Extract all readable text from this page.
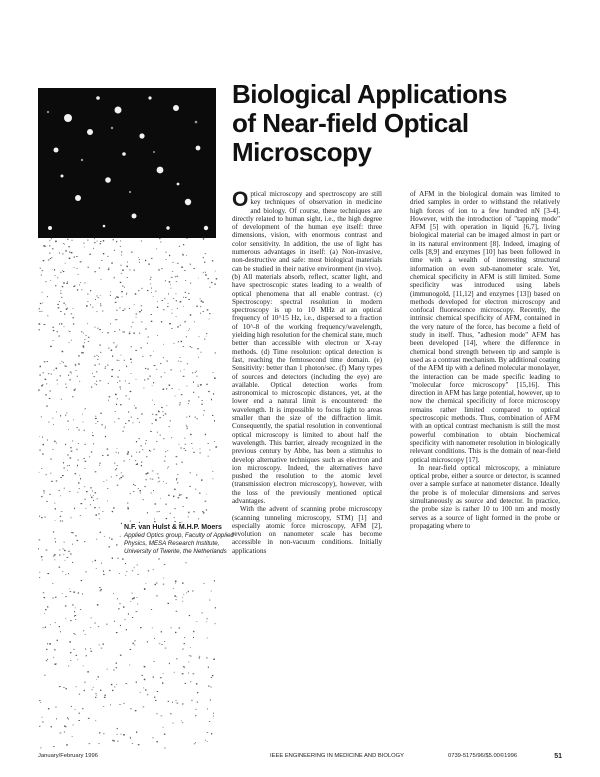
N.F. van Hulst & M.H.P. Moers
Applied Optics group, Faculty of Applied Physics, MESA Research Institute, University of Twente, the Netherlands
Biological Applications
of Near-field Optical
Microscopy

Optical microscopy and spectroscopy are still key techniques of observation in medicine and biology. Of course, these techniques are directly related to human sight, i.e., the high degree of development of the human eye itself: three dimensions, vision, with enormous contrast and color sensitivity. In addition, the use of light has numerous advantages in itself: (a) Non-invasive, non-destructive and safe: most biological materials can be studied in their native environment (in vivo). (b) All materials absorb, reflect, scatter light, and have spectroscopic states leading to a wealth of optical phenomena that all enable contrast. (c) Spectroscopy: spectral resolution in modern spectroscopy is up to 10 MHz at an optical frequency of 10^15 Hz, i.e., dispersed to a fraction of 10^-8 of the working frequency/wavelength, yielding high resolution for the chemical state, much better than accessible with electron or X-ray methods. (d) Time resolution: optical detection is fast, reaching the femtosecond time domain. (e) Sensitivity: better than 1 photon/sec. (f) Many types of sources and detectors (including the eye) are available. Optical detection works from astronomical to microscopic distances, yet, at the lower end a natural limit is encountered: the wavelength. It is impossible to focus light to areas smaller than the size of the diffraction limit. Consequently, the spatial resolution in conventional optical microscopy is limited to about half the wavelength. This barrier, already recognized in the previous century by Abbe, has been a stimulus to develop alternative techniques such as electron and ion microscopy. Indeed, the alternatives have pushed the resolution to the atomic level (transmission electron microscopy), however, with the loss of the previously mentioned optical advantages.

With the advent of scanning probe microscopy (scanning tunneling microscopy, STM) [1] and especially atomic force microscopy, AFM [2], revolution on nanometer scale has become accessible in non-vacuum conditions. Initially applications

of AFM in the biological domain was limited to dried samples in order to withstand the relatively high forces of ion to a few hundred nN [3-4]. However, with the introduction of "tapping mode" AFM [5] with operation in liquid [6,7], living biological material can be imaged almost in part or in its natural environment [8]. Indeed, imaging of cells [8,9] and enzymes [10] has been followed in time with a wealth of interesting structural information on even sub-nanometer scale. Yet, chemical specificity in AFM is still limited. Some specificity was introduced using labels (immunogold, [11,12] and enzymes [13]) based on methods developed for electron microscopy and confocal fluorescence microscopy. Recently, the intrinsic chemical specificity of AFM, contained in the very nature of the force, has become a field of study in itself. Thus, "adhesion mode" AFM has been developed [14], where the difference in chemical bond strength between tip and sample is used as a contrast mechanism. By additional coating of the AFM tip with a defined molecular monolayer, the interaction can be made specific leading to "molecular force microscopy" [15,16]. This direction in AFM has large potential, however, up to now the chemical specificity of force microscopy remains rather limited compared to optical spectroscopic methods. Thus, combination of AFM with an optical contrast mechanism is still the most powerful combination to obtain biochemical specificity with nanometer resolution in biologically relevant conditions. This is the domain of near-field optical microscopy [17].

In near-field optical microscopy, a miniature optical probe, either a source or detector, is scanned over a sample surface at nanometer distance. Ideally the probe is of molecular dimensions and serves simultaneously as source and detector. In practice, the probe size is rather 10 to 100 nm and mostly serves as a source of light formed in the probe or propagating where to

January/February 1996	IEEE ENGINEERING IN MEDICINE AND BIOLOGY	0739-5175/96/$5.00©1996	51
